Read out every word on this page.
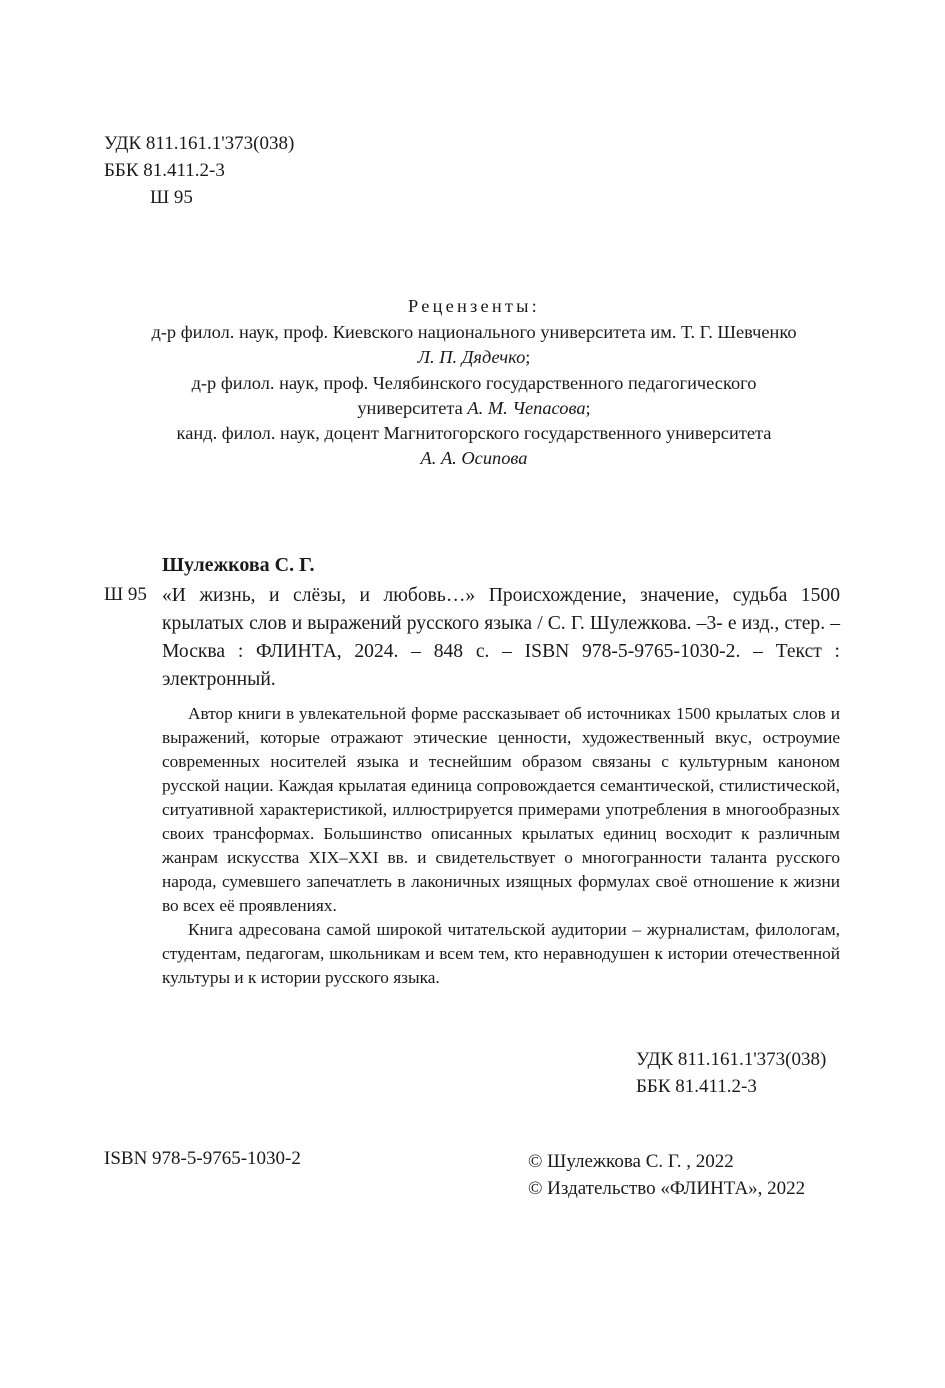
УДК 811.161.1'373(038)
ББК 81.411.2-3
Ш 95
Рецензенты:
д-р филол. наук, проф. Киевского национального университета им. Т. Г. Шевченко
Л. П. Дядечко;
д-р филол. наук, проф. Челябинского государственного педагогического
университета А. М. Чепасова;
канд. филол. наук, доцент Магнитогорского государственного университета
А. А. Осипова
Шулежкова С. Г.
Ш 95 «И жизнь, и слёзы, и любовь…» Происхождение, значение, судьба 1500 крылатых слов и выражений русского языка / С. Г. Шулежкова. –3- е изд., стер. – Москва : ФЛИНТА, 2024. – 848 с. – ISBN 978-5-9765-1030-2. – Текст : электронный.

Автор книги в увлекательной форме рассказывает об источниках 1500 крылатых слов и выражений, которые отражают этические ценности, художественный вкус, остроумие современных носителей языка и теснейшим образом связаны с культурным каноном русской нации. Каждая крылатая единица сопровождается семантической, стилистической, ситуативной характеристикой, иллюстрируется примерами употребления в многообразных своих трансформах. Большинство описанных крылатых единиц восходит к различным жанрам искусства XIX–XXI вв. и свидетельствует о многогранности таланта русского народа, сумевшего запечатлеть в лаконичных изящных формулах своё отношение к жизни во всех её проявлениях.

Книга адресована самой широкой читательской аудитории – журналистам, филологам, студентам, педагогам, школьникам и всем тем, кто неравнодушен к истории отечественной культуры и к истории русского языка.

УДК 811.161.1'373(038)
ББК 81.411.2-3
ISBN 978-5-9765-1030-2	© Шулежкова С. Г. , 2022
© Издательство «ФЛИНТА», 2022
